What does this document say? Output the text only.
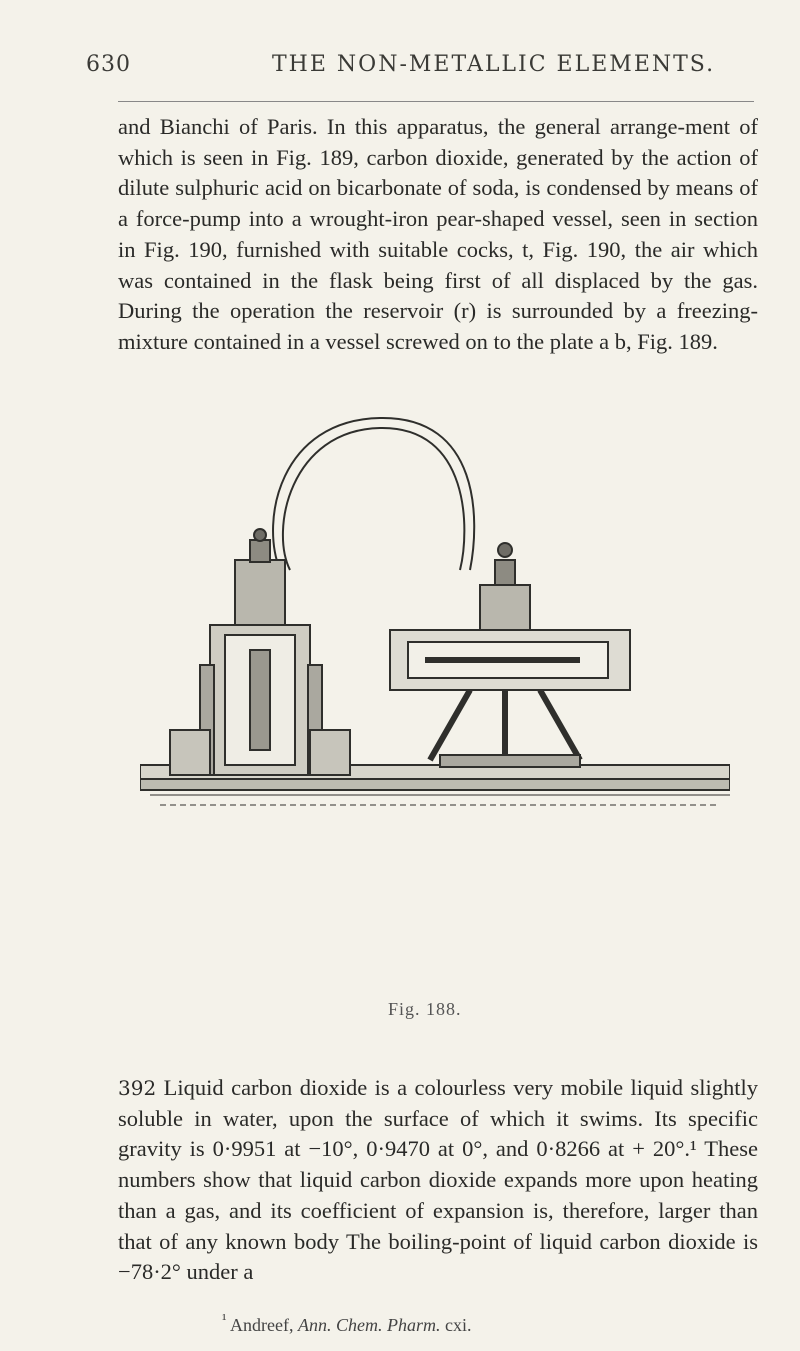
630	THE NON-METALLIC ELEMENTS.
and Bianchi of Paris. In this apparatus, the general arrange-ment of which is seen in Fig. 189, carbon dioxide, generated by the action of dilute sulphuric acid on bicarbonate of soda, is condensed by means of a force-pump into a wrought-iron pear-shaped vessel, seen in section in Fig. 190, furnished with suitable cocks, t, Fig. 190, the air which was contained in the flask being first of all displaced by the gas. During the operation the reservoir (r) is surrounded by a freezing-mixture contained in a vessel screwed on to the plate a b, Fig. 189.
Fig. 188.
392 Liquid carbon dioxide is a colourless very mobile liquid slightly soluble in water, upon the surface of which it swims. Its specific gravity is 0·9951 at −10°, 0·9470 at 0°, and 0·8266 at + 20°.¹ These numbers show that liquid carbon dioxide expands more upon heating than a gas, and its coefficient of expansion is, therefore, larger than that of any known body The boiling-point of liquid carbon dioxide is −78·2° under a
$^{^1}$ Andreef, Ann. Chem. Pharm. cxi.
